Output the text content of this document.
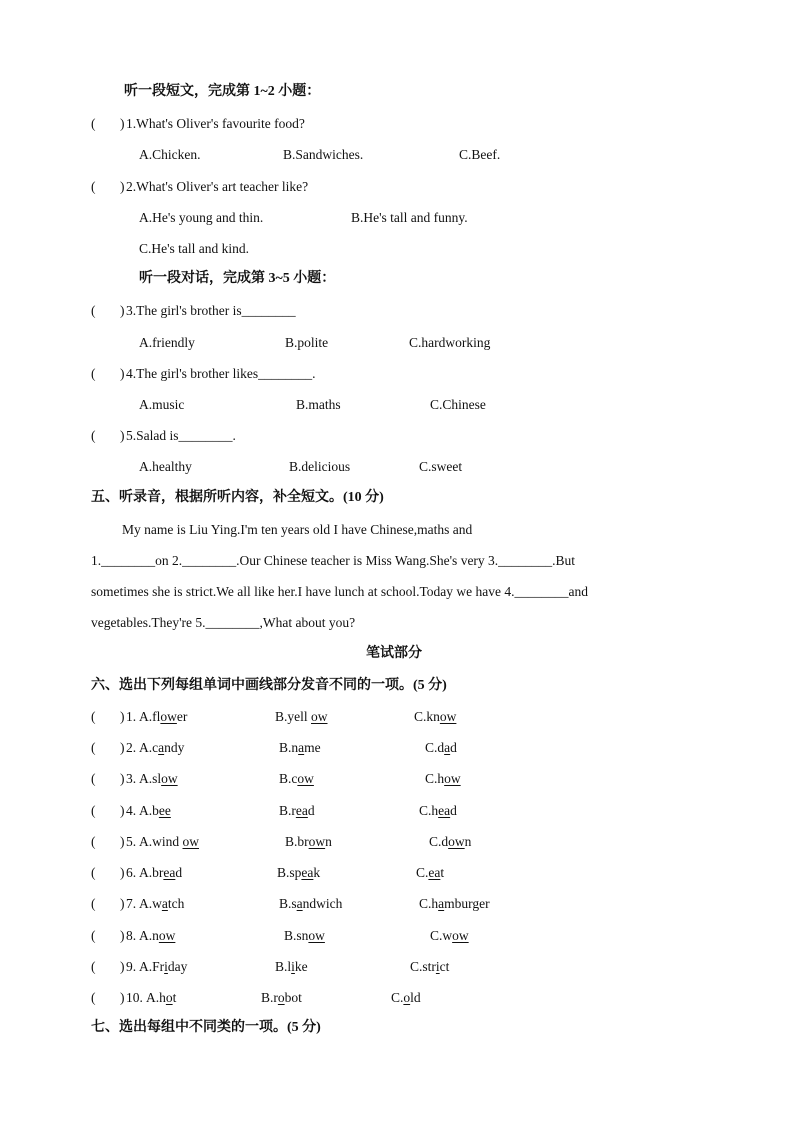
听一段短文，完成第 1~2 小题：
( ) 1.What's Oliver's favourite food?
A.Chicken.	B.Sandwiches.	C.Beef.
( ) 2.What's Oliver's art teacher like?
A.He's young and thin.	B.He's tall and funny.
C.He's tall and kind.
听一段对话，完成第 3~5 小题：
( ) 3.The girl's brother is________
A.friendly	B.polite	C.hardworking
( ) 4.The girl's brother likes________.
A.music	B.maths	C.Chinese
( ) 5.Salad is________.
A.healthy	B.delicious	C.sweet
五、听录音，根据所听内容，补全短文。(10 分)
My name is Liu Ying.I'm ten years old I have Chinese,maths and
1.________on 2.________.Our Chinese teacher is Miss Wang.She's very 3.________.But
sometimes she is strict.We all like her.I have lunch at school.Today we have 4.________and
vegetables.They're 5.________,What about you?
笔试部分
六、选出下列每组单词中画线部分发音不同的一项。(5 分)
( ) 1. A.flower	B.yell ow	C.know
( ) 2. A.candy	B.name	C.dad
( ) 3. A.slow	B.cow	C.how
( ) 4. A.bee	B.read	C.head
( ) 5. A.wind ow	B.brown	C.down
( ) 6. A.bread	B.speak	C.eat
( ) 7. A.watch	B.sandwich	C.hamburger
( ) 8. A.now	B.snow	C.wow
( ) 9. A.Friday	B.like	C.strict
( ) 10. A.hot	B.robot	C.old
七、选出每组中不同类的一项。(5 分)
